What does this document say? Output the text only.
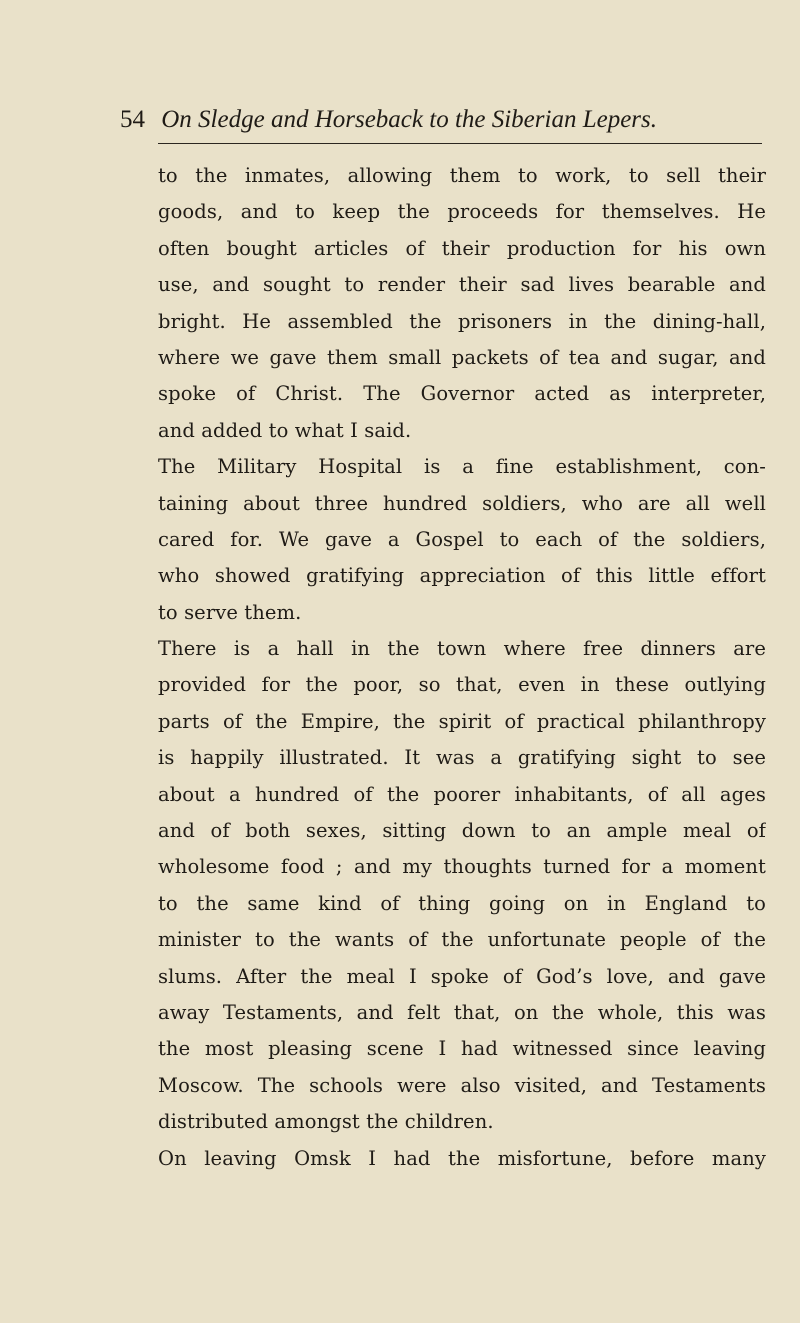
54 On Sledge and Horseback to the Siberian Lepers.
to the inmates, allowing them to work, to sell their
goods, and to keep the proceeds for themselves. He
often bought articles of their production for his own
use, and sought to render their sad lives bearable and
bright. He assembled the prisoners in the dining-hall,
where we gave them small packets of tea and sugar, and
spoke of Christ. The Governor acted as interpreter,
and added to what I said.
The Military Hospital is a fine establishment, con-
taining about three hundred soldiers, who are all well
cared for. We gave a Gospel to each of the soldiers,
who showed gratifying appreciation of this little effort
to serve them.
There is a hall in the town where free dinners are
provided for the poor, so that, even in these outlying
parts of the Empire, the spirit of practical philanthropy
is happily illustrated. It was a gratifying sight to see
about a hundred of the poorer inhabitants, of all ages
and of both sexes, sitting down to an ample meal of
wholesome food ; and my thoughts turned for a moment
to the same kind of thing going on in England to
minister to the wants of the unfortunate people of the
slums. After the meal I spoke of God’s love, and gave
away Testaments, and felt that, on the whole, this was
the most pleasing scene I had witnessed since leaving
Moscow. The schools were also visited, and Testaments
distributed amongst the children.
On leaving Omsk I had the misfortune, before many
